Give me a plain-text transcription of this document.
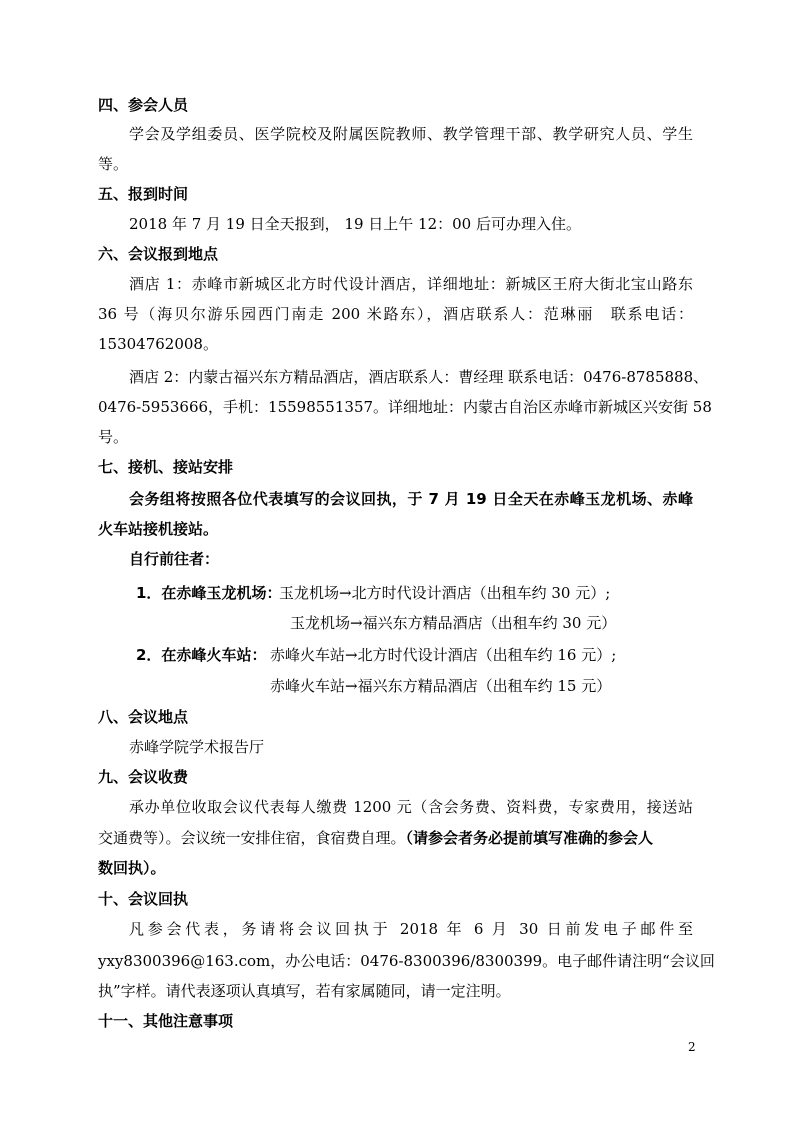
四、参会人员
学会及学组委员、医学院校及附属医院教师、教学管理干部、教学研究人员、学生
等。
五、报到时间
2018 年 7 月 19 日全天报到， 19 日上午 12：00 后可办理入住。
六、会议报到地点
酒店 1：赤峰市新城区北方时代设计酒店，详细地址：新城区王府大街北宝山路东
36 号（海贝尔游乐园西门南走 200 米路东），酒店联系人：范琳丽　联系电话：
15304762008。
酒店 2：内蒙古福兴东方精品酒店，酒店联系人：曹经理 联系电话：0476-8785888、
0476-5953666，手机：15598551357。详细地址：内蒙古自治区赤峰市新城区兴安街 58
号。
七、接机、接站安排
会务组将按照各位代表填写的会议回执，于 7 月 19 日全天在赤峰玉龙机场、赤峰
火车站接机接站。
自行前往者：
1．在赤峰玉龙机场：
玉龙机场→北方时代设计酒店（出租车约 30 元）;
玉龙机场→福兴东方精品酒店（出租车约 30 元）
2．在赤峰火车站： 赤峰火车站→北方时代设计酒店（出租车约 16 元）;
赤峰火车站→福兴东方精品酒店（出租车约 15 元）
八、会议地点
赤峰学院学术报告厅
九、会议收费
承办单位收取会议代表每人缴费 1200 元（含会务费、资料费，专家费用，接送站
交通费等）。会议统一安排住宿，食宿费自理。（请参会者务必提前填写准确的参会人
数回执）。
十、会议回执
凡参会代表，务请将会议回执于 2018 年 6 月 30 日前发电子邮件至
yxy8300396@163.com，办公电话：0476-8300396/8300399。电子邮件请注明“会议回
执”字样。请代表逐项认真填写，若有家属随同，请一定注明。
十一、其他注意事项
2
